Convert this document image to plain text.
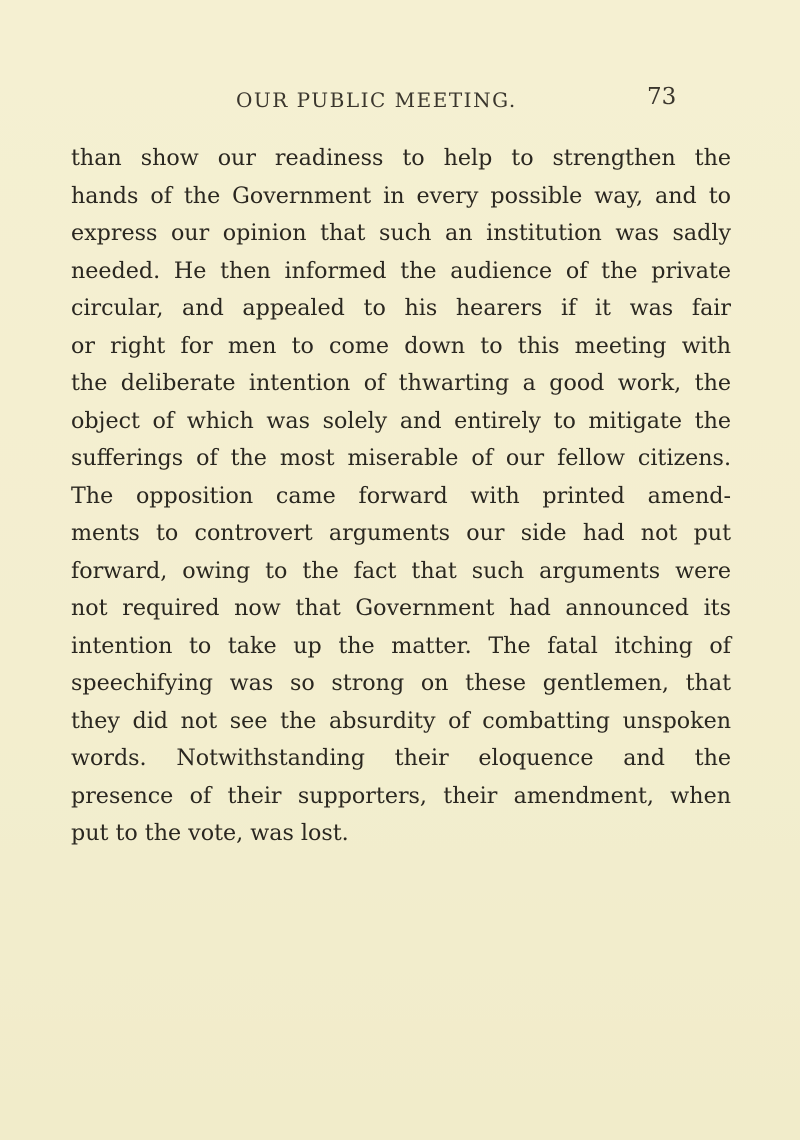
OUR PUBLIC MEETING.	73
than show our readiness to help to strengthen the
hands of the Government in every possible way, and to
express our opinion that such an institution was sadly
needed. He then informed the audience of the private
circular, and appealed to his hearers if it was fair
or right for men to come down to this meeting with
the deliberate intention of thwarting a good work, the
object of which was solely and entirely to mitigate the
sufferings of the most miserable of our fellow citizens.
The opposition came forward with printed amend-
ments to controvert arguments our side had not put
forward, owing to the fact that such arguments were
not required now that Government had announced its
intention to take up the matter. The fatal itching of
speechifying was so strong on these gentlemen, that
they did not see the absurdity of combatting unspoken
words. Notwithstanding their eloquence and the
presence of their supporters, their amendment, when
put to the vote, was lost.
